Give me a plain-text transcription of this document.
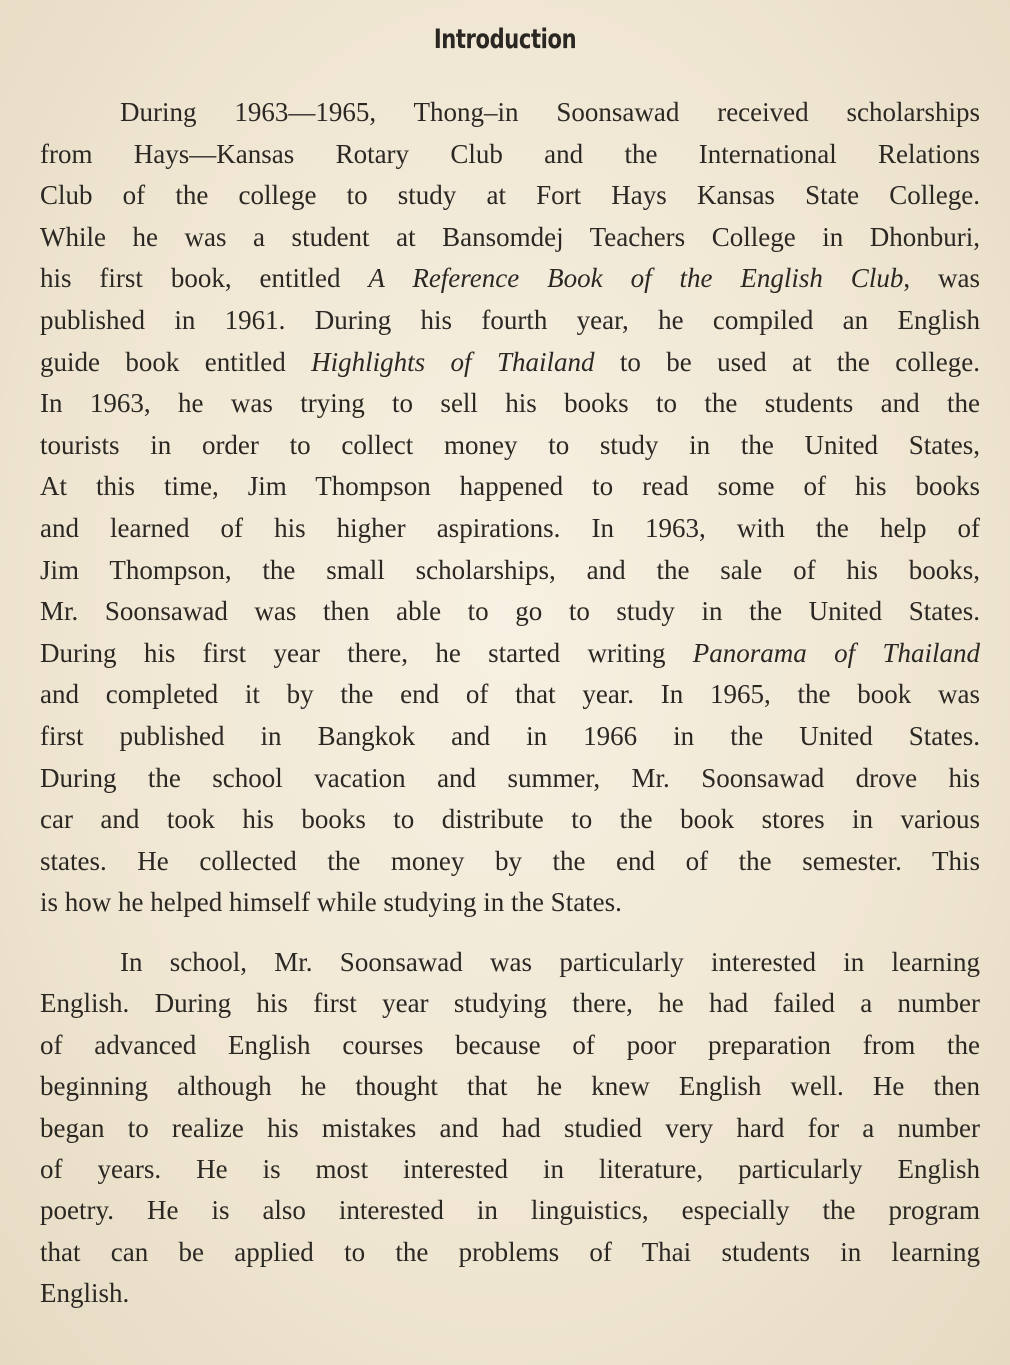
Introduction
During 1963—1965, Thong–in Soonsawad received scholarships
from Hays—Kansas Rotary Club and the International Relations
Club of the college to study at Fort Hays Kansas State College.
While he was a student at Bansomdej Teachers College in Dhonburi,
his first book, entitled A Reference Book of the English Club, was
published in 1961. During his fourth year, he compiled an English
guide book entitled Highlights of Thailand to be used at the college.
In 1963, he was trying to sell his books to the students and the
tourists in order to collect money to study in the United States,
At this time, Jim Thompson happened to read some of his books
and learned of his higher aspirations. In 1963, with the help of
Jim Thompson, the small scholarships, and the sale of his books,
Mr. Soonsawad was then able to go to study in the United States.
During his first year there, he started writing Panorama of Thailand
and completed it by the end of that year. In 1965, the book was
first published in Bangkok and in 1966 in the United States.
During the school vacation and summer, Mr. Soonsawad drove his
car and took his books to distribute to the book stores in various
states. He collected the money by the end of the semester. This
is how he helped himself while studying in the States.
In school, Mr. Soonsawad was particularly interested in learning
English. During his first year studying there, he had failed a number
of advanced English courses because of poor preparation from the
beginning although he thought that he knew English well. He then
began to realize his mistakes and had studied very hard for a number
of years. He is most interested in literature, particularly English
poetry. He is also interested in linguistics, especially the program
that can be applied to the problems of Thai students in learning
English.
